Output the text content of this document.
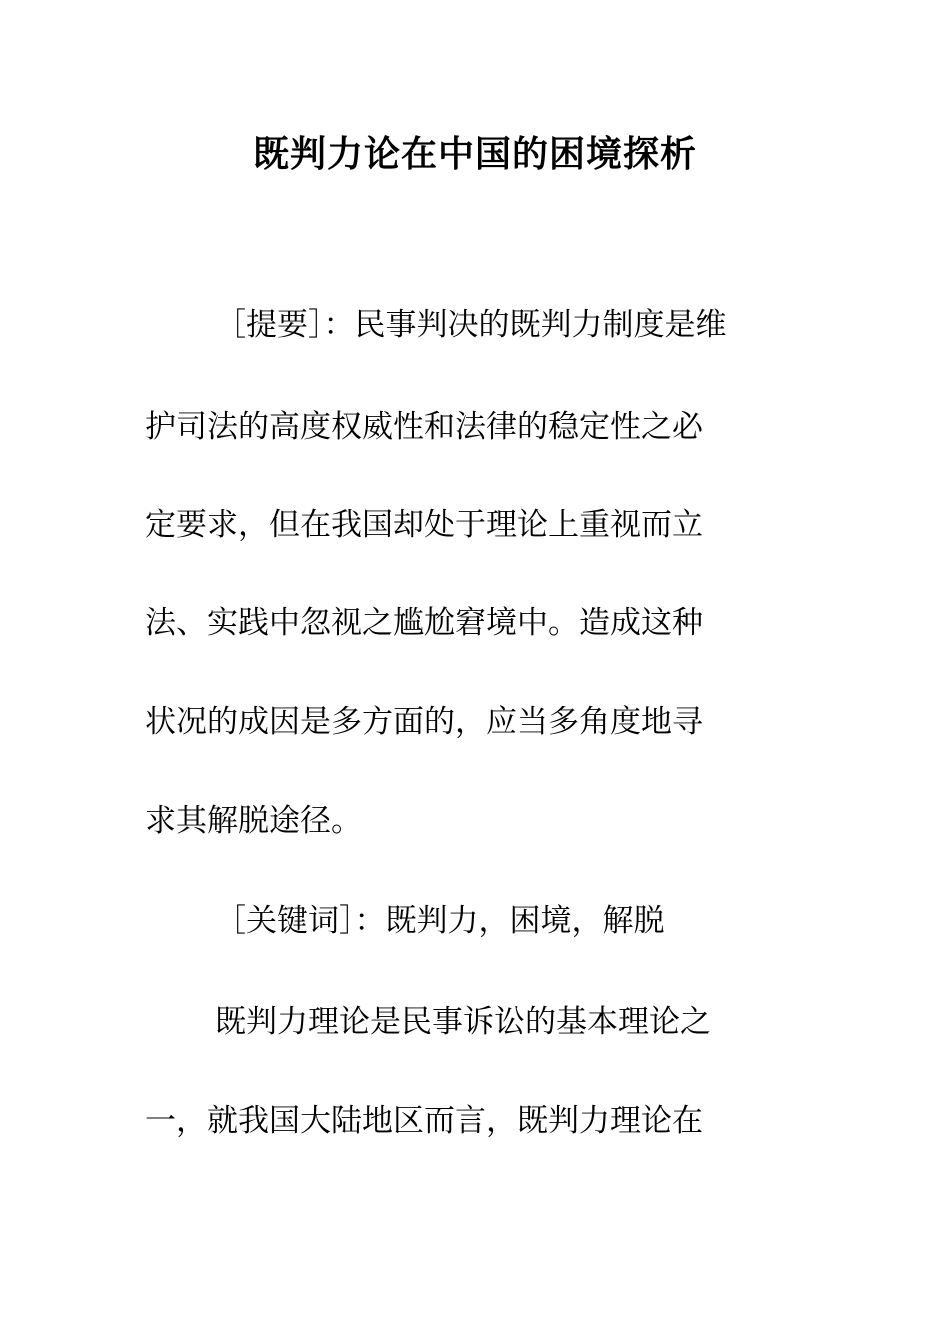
既判力论在中国的困境探析
［提要］：民事判决的既判力制度是维
护司法的高度权威性和法律的稳定性之必
定要求，但在我国却处于理论上重视而立
法、实践中忽视之尴尬窘境中。造成这种
状况的成因是多方面的，应当多角度地寻
求其解脱途径。
［关键词］：既判力，困境，解脱
既判力理论是民事诉讼的基本理论之
一，就我国大陆地区而言，既判力理论在
